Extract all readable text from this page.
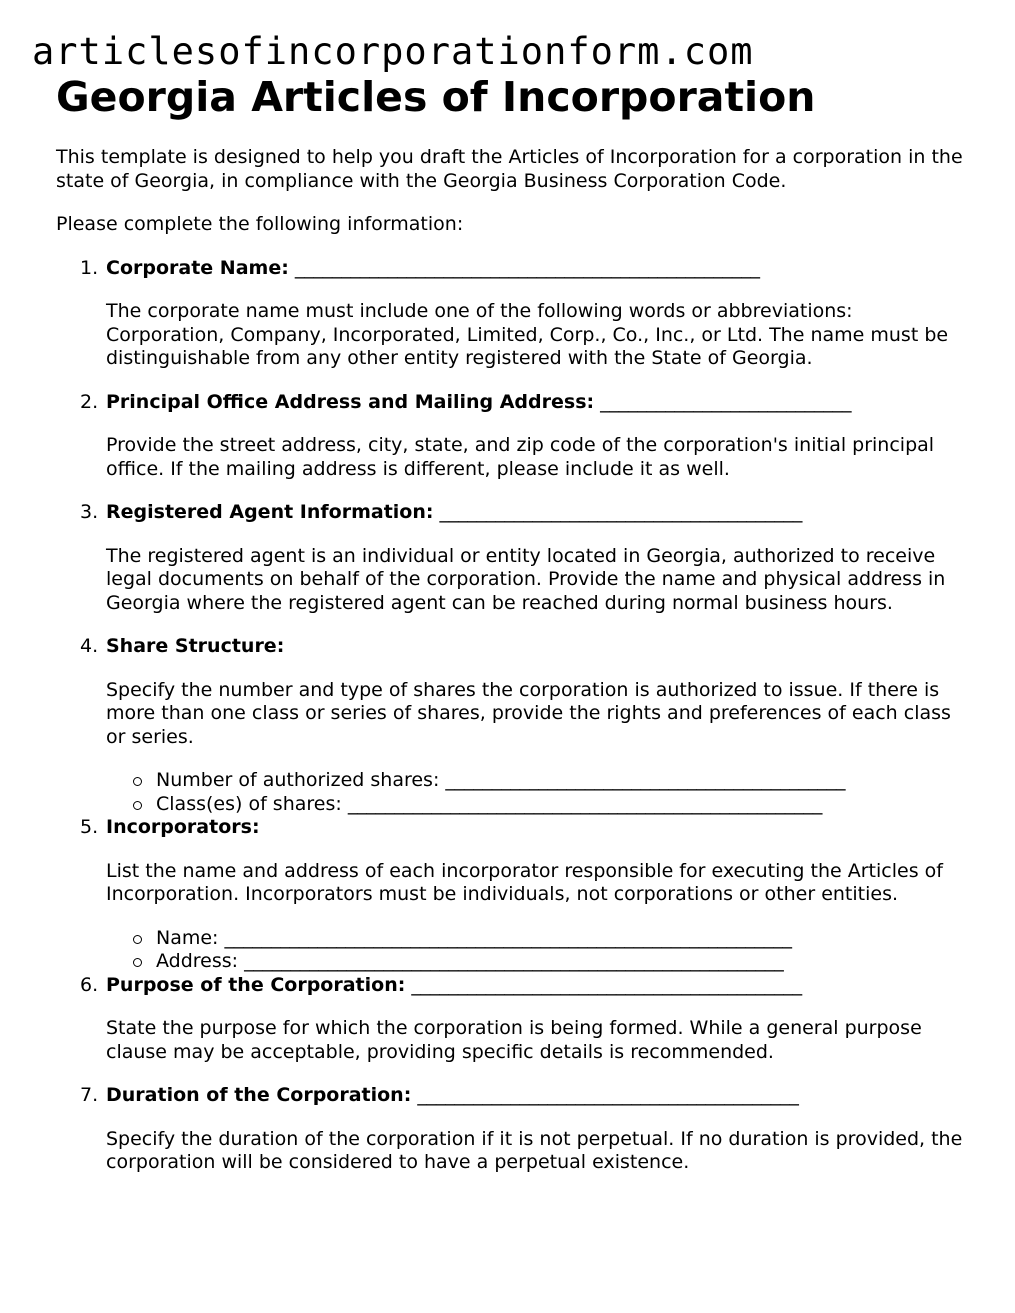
articlesofincorporationform.com
Georgia Articles of Incorporation

This template is designed to help you draft the Articles of Incorporation for a corporation in the state of Georgia, in compliance with the Georgia Business Corporation Code.

Please complete the following information:

1. Corporate Name: __________________________________________________

The corporate name must include one of the following words or abbreviations: Corporation, Company, Incorporated, Limited, Corp., Co., Inc., or Ltd. The name must be distinguishable from any other entity registered with the State of Georgia.

2. Principal Office Address and Mailing Address: ___________________________

Provide the street address, city, state, and zip code of the corporation's initial principal office. If the mailing address is different, please include it as well.

3. Registered Agent Information: _______________________________________

The registered agent is an individual or entity located in Georgia, authorized to receive legal documents on behalf of the corporation. Provide the name and physical address in Georgia where the registered agent can be reached during normal business hours.

4. Share Structure:

Specify the number and type of shares the corporation is authorized to issue. If there is more than one class or series of shares, provide the rights and preferences of each class or series.

Number of authorized shares: ___________________________________________
Class(es) of shares: ___________________________________________________
5. Incorporators:

List the name and address of each incorporator responsible for executing the Articles of Incorporation. Incorporators must be individuals, not corporations or other entities.

Name: _____________________________________________________________
Address: __________________________________________________________
6. Purpose of the Corporation: __________________________________________

State the purpose for which the corporation is being formed. While a general purpose clause may be acceptable, providing specific details is recommended.

7. Duration of the Corporation: _________________________________________

Specify the duration of the corporation if it is not perpetual. If no duration is provided, the corporation will be considered to have a perpetual existence.
